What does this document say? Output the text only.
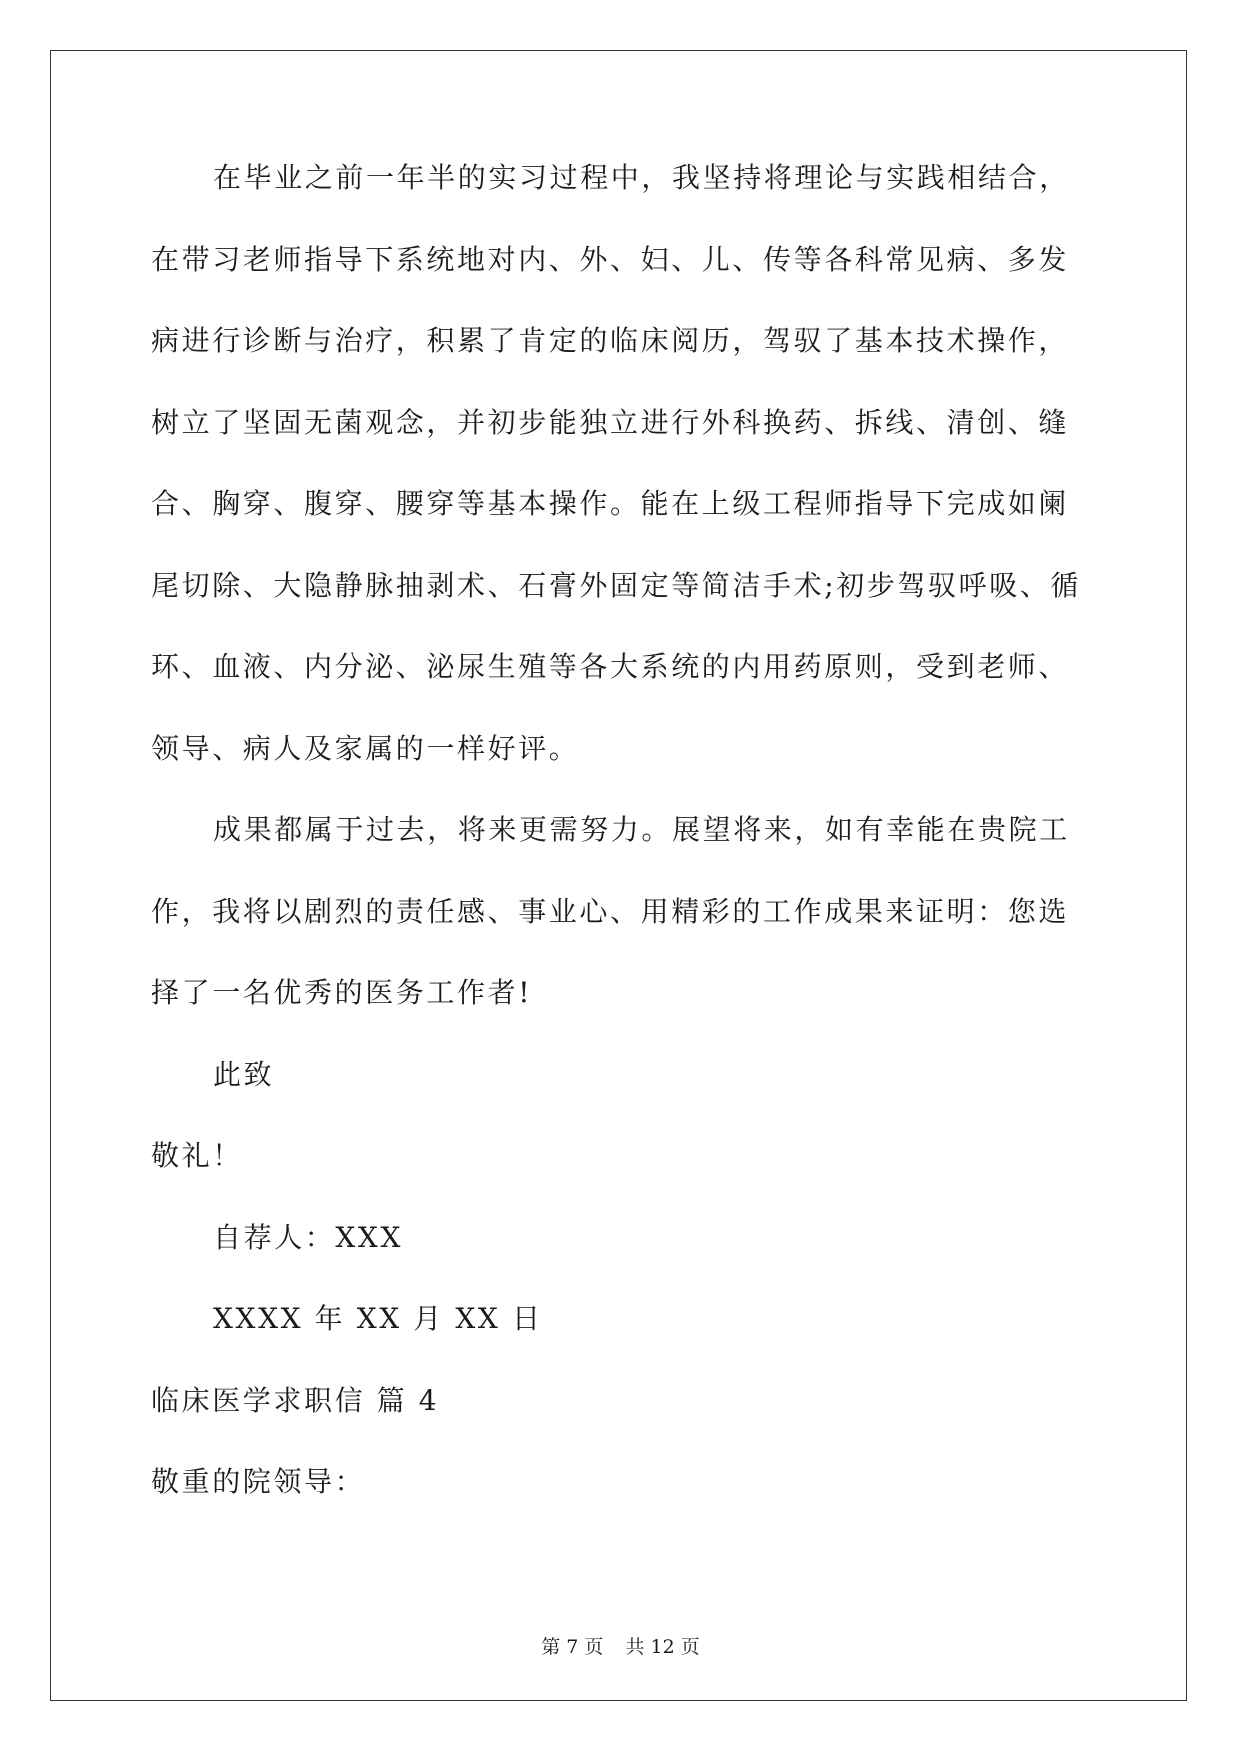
在毕业之前一年半的实习过程中，我坚持将理论与实践相结合，
在带习老师指导下系统地对内、外、妇、儿、传等各科常见病、多发
病进行诊断与治疗，积累了肯定的临床阅历，驾驭了基本技术操作，
树立了坚固无菌观念，并初步能独立进行外科换药、拆线、清创、缝
合、胸穿、腹穿、腰穿等基本操作。能在上级工程师指导下完成如阑
尾切除、大隐静脉抽剥术、石膏外固定等简洁手术;初步驾驭呼吸、循
环、血液、内分泌、泌尿生殖等各大系统的内用药原则，受到老师、
领导、病人及家属的一样好评。
成果都属于过去，将来更需努力。展望将来，如有幸能在贵院工
作，我将以剧烈的责任感、事业心、用精彩的工作成果来证明：您选
择了一名优秀的医务工作者!
此致
敬礼！
自荐人：XXX
XXXX 年 XX 月 XX 日
临床医学求职信 篇 4
敬重的院领导：
第 7 页 共 12 页
